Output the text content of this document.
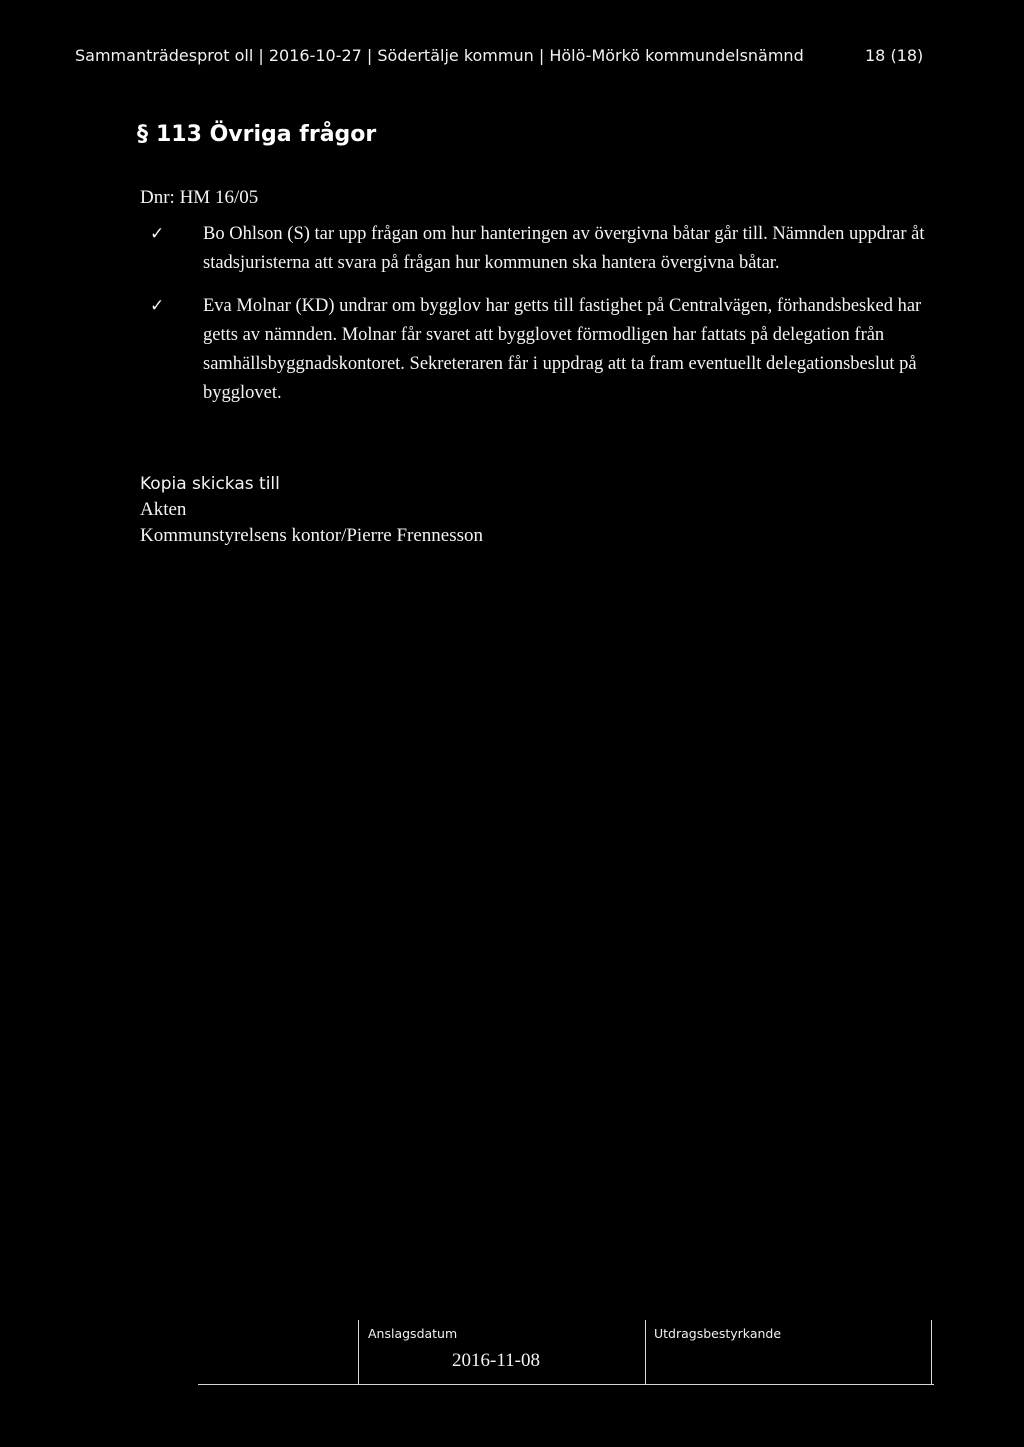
Sammanträdesprot oll | 2016-10-27 | Södertälje kommun | Hölö-Mörkö kommundelsnämnd	18 (18)
§ 113 Övriga frågor
Dnr: HM 16/05
✓ Bo Ohlson (S) tar upp frågan om hur hanteringen av övergivna båtar går till. Nämnden uppdrar åt stadsjuristerna att svara på frågan hur kommunen ska hantera övergivna båtar.
✓ Eva Molnar (KD) undrar om bygglov har getts till fastighet på Centralvägen, förhandsbesked har getts av nämnden. Molnar får svaret att bygglovet förmodligen har fattats på delegation från samhällsbyggnadskontoret. Sekreteraren får i uppdrag att ta fram eventuellt delegationsbeslut på bygglovet.
Kopia skickas till
Akten
Kommunstyrelsens kontor/Pierre Frennesson
Anslagsdatum
2016-11-08
Utdragsbestyrkande
